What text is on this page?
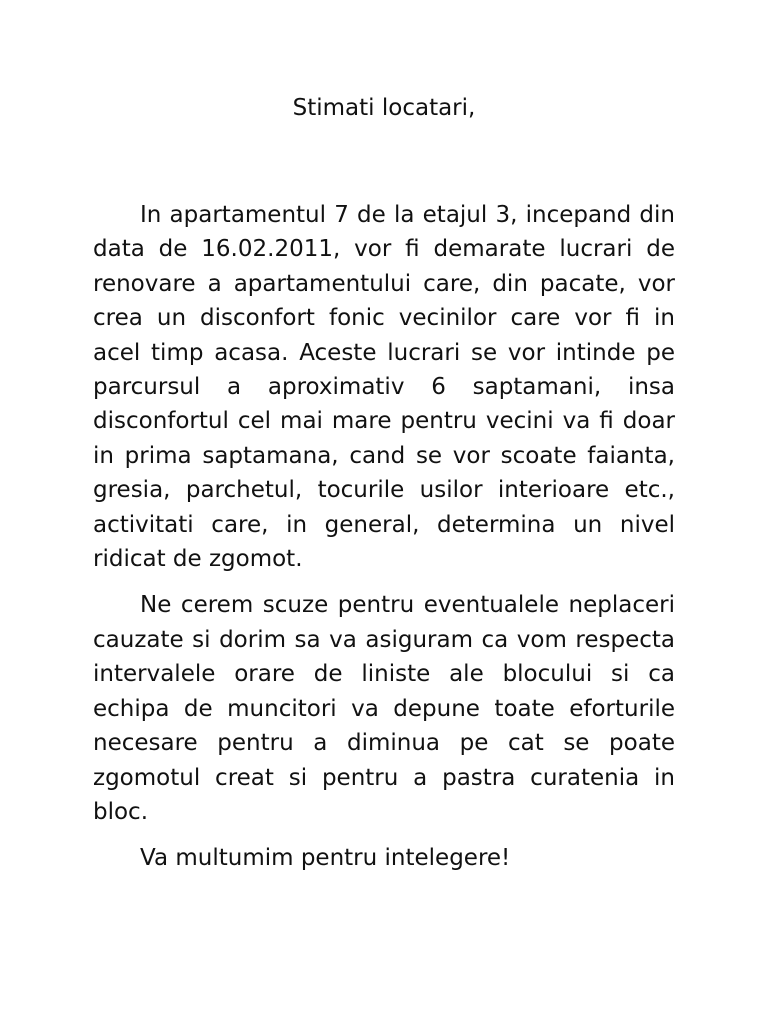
Stimati locatari,

In apartamentul 7 de la etajul 3, incepand din data de 16.02.2011, vor fi demarate lucrari de renovare a apartamentului care, din pacate, vor crea un disconfort fonic vecinilor care vor fi in acel timp acasa. Aceste lucrari se vor intinde pe parcursul a aproximativ 6 saptamani, insa disconfortul cel mai mare pentru vecini va fi doar in prima saptamana, cand se vor scoate faianta, gresia, parchetul, tocurile usilor interioare etc., activitati care, in general, determina un nivel ridicat de zgomot.

Ne cerem scuze pentru eventualele neplaceri cauzate si dorim sa va asiguram ca vom respecta intervalele orare de liniste ale blocului si ca echipa de muncitori va depune toate eforturile necesare pentru a diminua pe cat se poate zgomotul creat si pentru a pastra curatenia in bloc.

Va multumim pentru intelegere!
